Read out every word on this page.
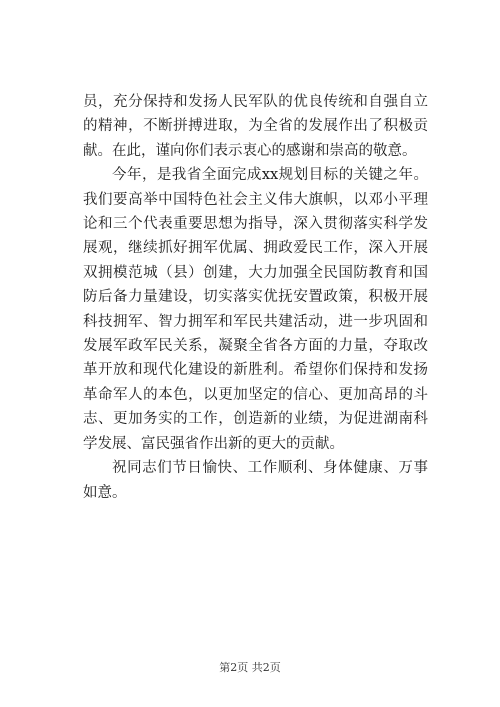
员，充分保持和发扬人民军队的优良传统和自强自立的精神，不断拼搏进取，为全省的发展作出了积极贡献。在此，谨向你们表示衷心的感谢和崇高的敬意。

今年，是我省全面完成xx规划目标的关键之年。我们要高举中国特色社会主义伟大旗帜，以邓小平理论和三个代表重要思想为指导，深入贯彻落实科学发展观，继续抓好拥军优属、拥政爱民工作，深入开展双拥模范城（县）创建，大力加强全民国防教育和国防后备力量建设，切实落实优抚安置政策，积极开展科技拥军、智力拥军和军民共建活动，进一步巩固和发展军政军民关系，凝聚全省各方面的力量，夺取改革开放和现代化建设的新胜利。希望你们保持和发扬革命军人的本色，以更加坚定的信心、更加高昂的斗志、更加务实的工作，创造新的业绩，为促进湖南科学发展、富民强省作出新的更大的贡献。

祝同志们节日愉快、工作顺利、身体健康、万事如意。

第2页 共2页
